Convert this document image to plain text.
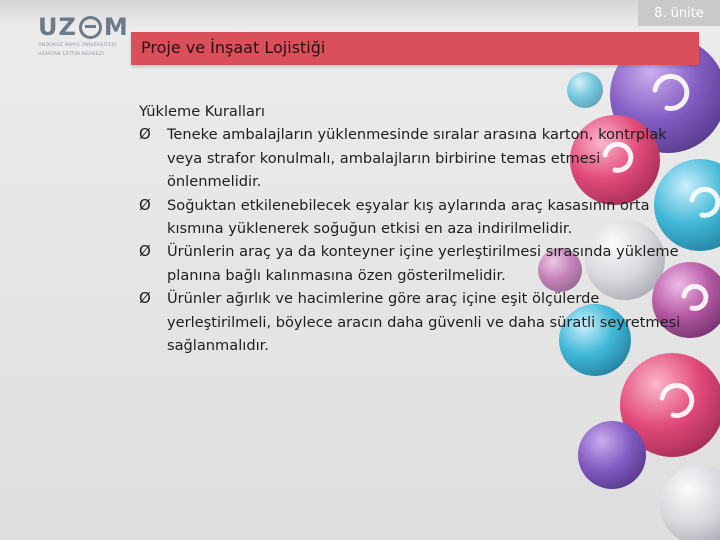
8. ünite
UZ M
ONDOKUZ MAYIS ÜNİVERSİTESİ
UZAKTAN EĞİTİM MERKEZİ	Proje ve İnşaat Lojistiği

Yükleme Kuralları

Ø Teneke ambalajların yüklenmesinde sıralar arasına karton, kontrplak veya strafor konulmalı, ambalajların birbirine temas etmesi önlenmelidir.
Ø Soğuktan etkilenebilecek eşyalar kış aylarında araç kasasının orta kısmına yüklenerek soğuğun etkisi en aza indirilmelidir.
Ø Ürünlerin araç ya da konteyner içine yerleştirilmesi sırasında yükleme planına bağlı kalınmasına özen gösterilmelidir.
Ø Ürünler ağırlık ve hacimlerine göre araç içine eşit ölçülerde yerleştirilmeli, böylece aracın daha güvenli ve daha süratli seyretmesi sağlanmalıdır.
